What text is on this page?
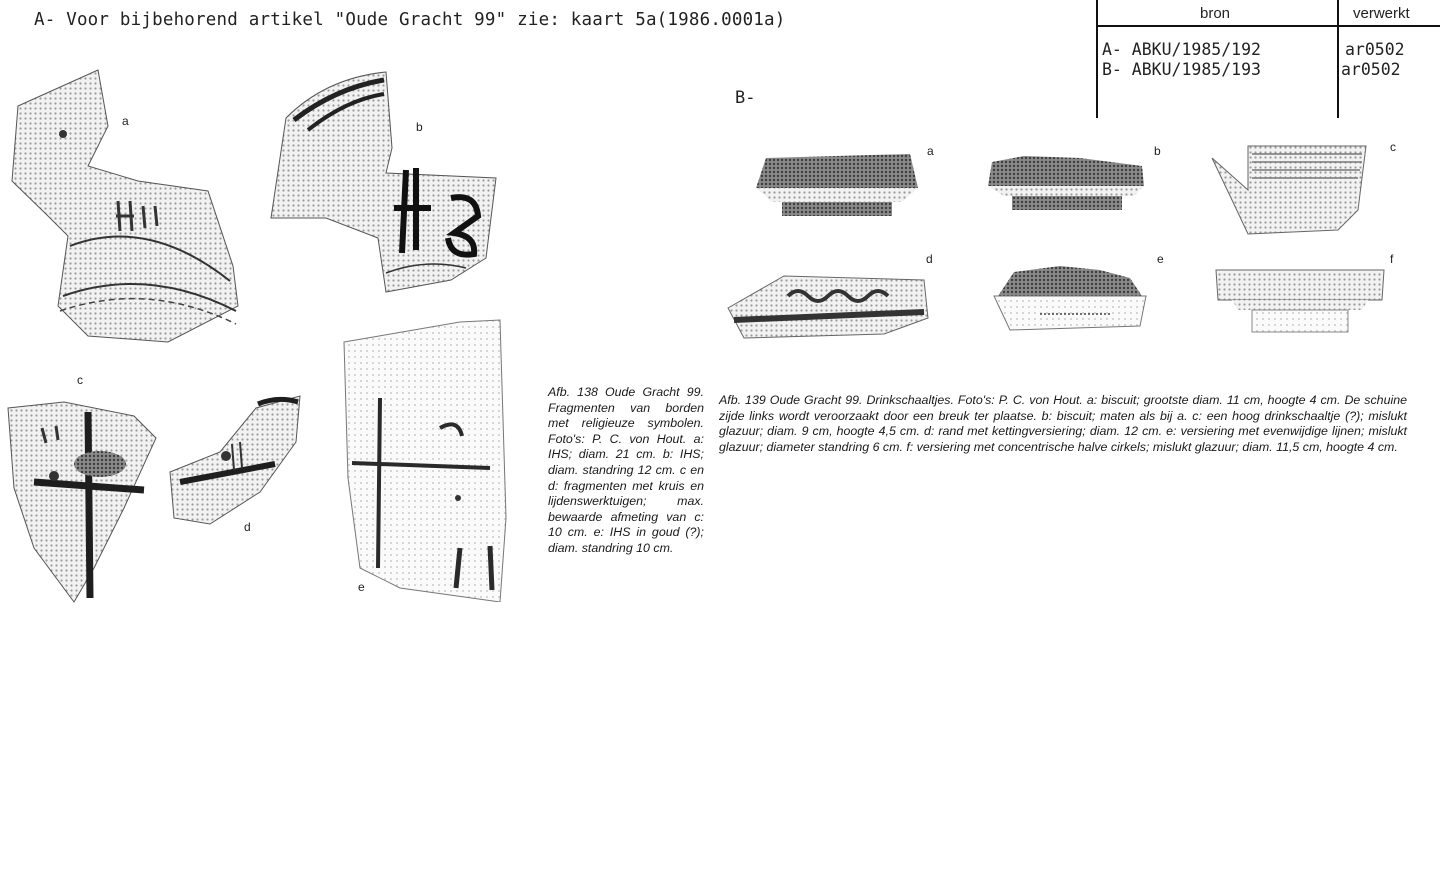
A- Voor bijbehorend artikel "Oude Gracht 99" zie: kaart 5a(1986.0001a)	bron	verwerkt
A- ABKU/1985/192	ar0502
B- ABKU/1985/193	ar0502
a	b
c
d
e
Afb. 138 Oude Gracht 99. Fragmenten van borden met religieuze symbolen. Foto's: P. C. von Hout. a: IHS; diam. 21 cm. b: IHS; diam. standring 12 cm. c en d: fragmenten met kruis en lijdenswerktuigen; max. bewaarde afmeting van c: 10 cm. e: IHS in goud (?); diam. standring 10 cm.
B-
a	b	c
d	e	f
Afb. 139 Oude Gracht 99. Drinkschaaltjes. Foto's: P. C. von Hout. a: biscuit; grootste diam. 11 cm, hoogte 4 cm. De schuine zijde links wordt veroorzaakt door een breuk ter plaatse. b: biscuit; maten als bij a. c: een hoog drinkschaaltje (?); mislukt glazuur; diam. 9 cm, hoogte 4,5 cm. d: rand met kettingversiering; diam. 12 cm. e: versiering met evenwijdige lijnen; mislukt glazuur; diameter standring 6 cm. f: versiering met concentrische halve cirkels; mislukt glazuur; diam. 11,5 cm, hoogte 4 cm.
